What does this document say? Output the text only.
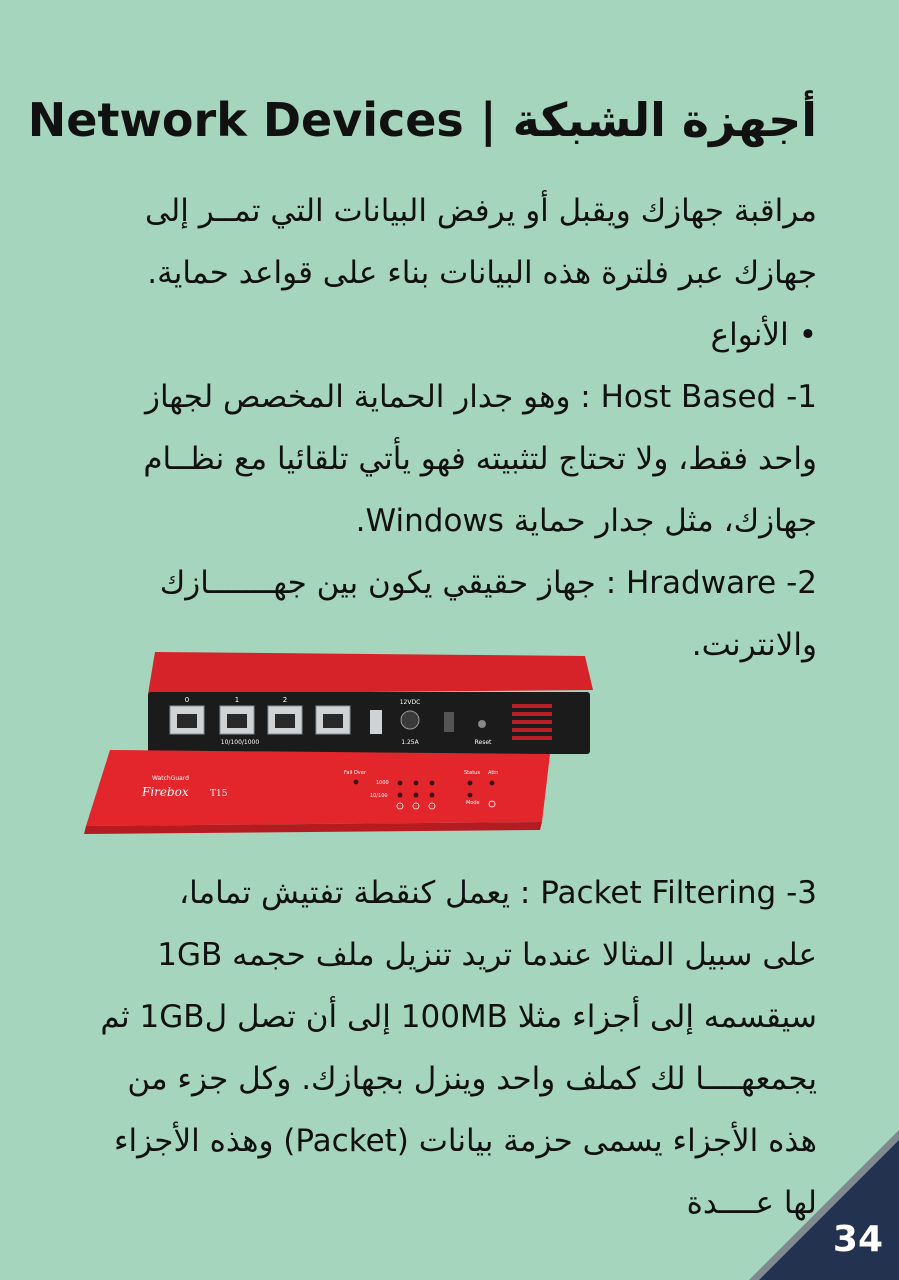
أجهزة الشبكة | Network Devices
مراقبة جهازك ويقبل أو يرفض البيانات التي تمــر إلى
جهازك عبر فلترة هذه البيانات بناء على قواعد حماية.
•الأنواع
1- Host Based : وهو جدار الحماية المخصص لجهاز
واحد فقط، ولا تحتاج لتثبيته فهو يأتي تلقائيا مع نظــام
جهازك، مثل جدار حماية Windows.
2- Hradware : جهاز حقيقي يكون بين جهـــــــازك
والانترنت.
0	1	2
10/100/1000
12VDC
1.25A	Reset
WatchGuard
Firebox T15
Fail Over
1000
10/100
Status Attn
Mode
3- Packet Filtering : يعمل كنقطة تفتيش تماما،
على سبيل المثالا عندما تريد تنزيل ملف حجمه 1GB
سيقسمه إلى أجزاء مثلا 100MB إلى أن تصل ل1GB ثم
يجمعهــــا لك كملف واحد وينزل بجهازك. وكل جزء من
هذه الأجزاء يسمى حزمة بيانات (Packet) وهذه الأجزاء
لها عــــدة
34
